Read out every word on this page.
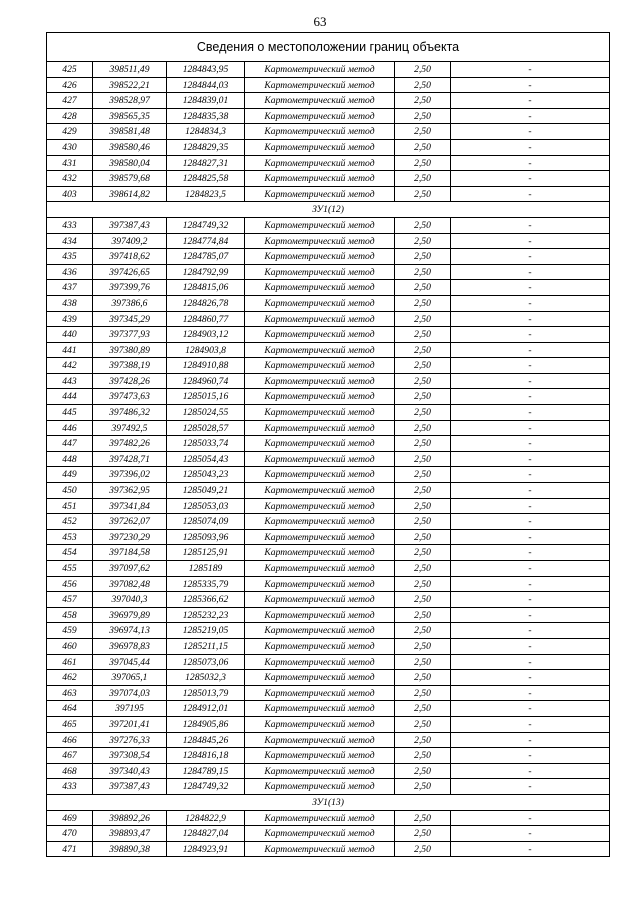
63
Сведения о местоположении границ объекта
425	398511,49	1284843,95	Картометрический метод	2,50	-
426	398522,21	1284844,03	Картометрический метод	2,50	-
427	398528,97	1284839,01	Картометрический метод	2,50	-
428	398565,35	1284835,38	Картометрический метод	2,50	-
429	398581,48	1284834,3	Картометрический метод	2,50	-
430	398580,46	1284829,35	Картометрический метод	2,50	-
431	398580,04	1284827,31	Картометрический метод	2,50	-
432	398579,68	1284825,58	Картометрический метод	2,50	-
403	398614,82	1284823,5	Картометрический метод	2,50	-
ЗУ1(12)
433	397387,43	1284749,32	Картометрический метод	2,50	-
434	397409,2	1284774,84	Картометрический метод	2,50	-
435	397418,62	1284785,07	Картометрический метод	2,50	-
436	397426,65	1284792,99	Картометрический метод	2,50	-
437	397399,76	1284815,06	Картометрический метод	2,50	-
438	397386,6	1284826,78	Картометрический метод	2,50	-
439	397345,29	1284860,77	Картометрический метод	2,50	-
440	397377,93	1284903,12	Картометрический метод	2,50	-
441	397380,89	1284903,8	Картометрический метод	2,50	-
442	397388,19	1284910,88	Картометрический метод	2,50	-
443	397428,26	1284960,74	Картометрический метод	2,50	-
444	397473,63	1285015,16	Картометрический метод	2,50	-
445	397486,32	1285024,55	Картометрический метод	2,50	-
446	397492,5	1285028,57	Картометрический метод	2,50	-
447	397482,26	1285033,74	Картометрический метод	2,50	-
448	397428,71	1285054,43	Картометрический метод	2,50	-
449	397396,02	1285043,23	Картометрический метод	2,50	-
450	397362,95	1285049,21	Картометрический метод	2,50	-
451	397341,84	1285053,03	Картометрический метод	2,50	-
452	397262,07	1285074,09	Картометрический метод	2,50	-
453	397230,29	1285093,96	Картометрический метод	2,50	-
454	397184,58	1285125,91	Картометрический метод	2,50	-
455	397097,62	1285189	Картометрический метод	2,50	-
456	397082,48	1285335,79	Картометрический метод	2,50	-
457	397040,3	1285366,62	Картометрический метод	2,50	-
458	396979,89	1285232,23	Картометрический метод	2,50	-
459	396974,13	1285219,05	Картометрический метод	2,50	-
460	396978,83	1285211,15	Картометрический метод	2,50	-
461	397045,44	1285073,06	Картометрический метод	2,50	-
462	397065,1	1285032,3	Картометрический метод	2,50	-
463	397074,03	1285013,79	Картометрический метод	2,50	-
464	397195	1284912,01	Картометрический метод	2,50	-
465	397201,41	1284905,86	Картометрический метод	2,50	-
466	397276,33	1284845,26	Картометрический метод	2,50	-
467	397308,54	1284816,18	Картометрический метод	2,50	-
468	397340,43	1284789,15	Картометрический метод	2,50	-
433	397387,43	1284749,32	Картометрический метод	2,50	-
ЗУ1(13)
469	398892,26	1284822,9	Картометрический метод	2,50	-
470	398893,47	1284827,04	Картометрический метод	2,50	-
471	398890,38	1284923,91	Картометрический метод	2,50	-
